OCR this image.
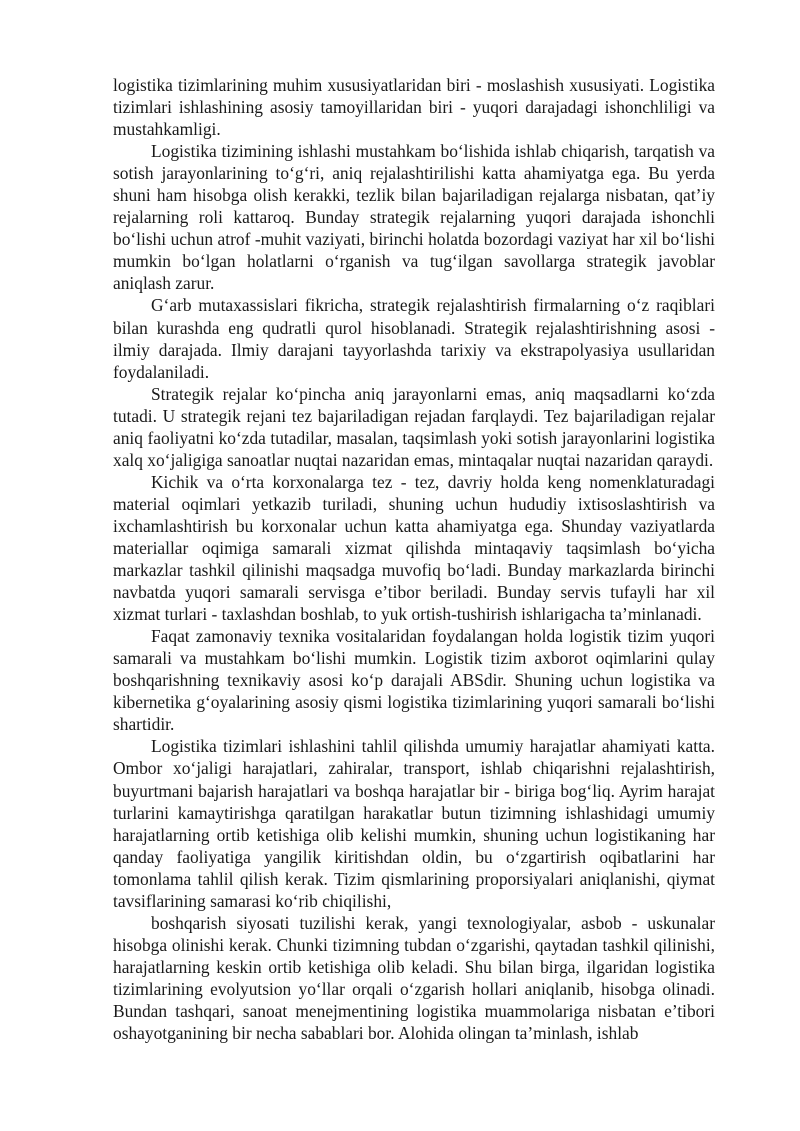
logistika tizimlarining muhim xususiyatlaridan biri - moslashish xususiyati. Logistika tizimlari ishlashining asosiy tamoyillaridan biri - yuqori darajadagi ishonchliligi va mustahkamligi.

Logistika tizimining ishlashi mustahkam bo‘lishida ishlab chiqarish, tarqatish va sotish jarayonlarining to‘g‘ri, aniq rejalashtirilishi katta ahamiyatga ega. Bu yerda shuni ham hisobga olish kerakki, tezlik bilan bajariladigan rejalarga nisbatan, qat’iy rejalarning roli kattaroq. Bunday strategik rejalarning yuqori darajada ishonchli bo‘lishi uchun atrof -muhit vaziyati, birinchi holatda bozordagi vaziyat har xil bo‘lishi mumkin bo‘lgan holatlarni o‘rganish va tug‘ilgan savollarga strategik javoblar aniqlash zarur.

G‘arb mutaxassislari fikricha, strategik rejalashtirish firmalarning o‘z raqiblari bilan kurashda eng qudratli qurol hisoblanadi. Strategik rejalashtirishning asosi - ilmiy darajada. Ilmiy darajani tayyorlashda tarixiy va ekstrapolyasiya usullaridan foydalaniladi.

Strategik rejalar ko‘pincha aniq jarayonlarni emas, aniq maqsadlarni ko‘zda tutadi. U strategik rejani tez bajariladigan rejadan farqlaydi. Tez bajariladigan rejalar aniq faoliyatni ko‘zda tutadilar, masalan, taqsimlash yoki sotish jarayonlarini logistika xalq xo‘jaligiga sanoatlar nuqtai nazaridan emas, mintaqalar nuqtai nazaridan qaraydi.

Kichik va o‘rta korxonalarga tez - tez, davriy holda keng nomenklaturadagi material oqimlari yetkazib turiladi, shuning uchun hududiy ixtisoslashtirish va ixchamlashtirish bu korxonalar uchun katta ahamiyatga ega. Shunday vaziyatlarda materiallar oqimiga samarali xizmat qilishda mintaqaviy taqsimlash bo‘yicha markazlar tashkil qilinishi maqsadga muvofiq bo‘ladi. Bunday markazlarda birinchi navbatda yuqori samarali servisga e’tibor beriladi. Bunday servis tufayli har xil xizmat turlari - taxlashdan boshlab, to yuk ortish-tushirish ishlarigacha ta’minlanadi.

Faqat zamonaviy texnika vositalaridan foydalangan holda logistik tizim yuqori samarali va mustahkam bo‘lishi mumkin. Logistik tizim axborot oqimlarini qulay boshqarishning texnikaviy asosi ko‘p darajali ABSdir. Shuning uchun logistika va kibernetika g‘oyalarining asosiy qismi logistika tizimlarining yuqori samarali bo‘lishi shartidir.

Logistika tizimlari ishlashini tahlil qilishda umumiy harajatlar ahamiyati katta. Ombor xo‘jaligi harajatlari, zahiralar, transport, ishlab chiqarishni rejalashtirish, buyurtmani bajarish harajatlari va boshqa harajatlar bir - biriga bog‘liq. Ayrim harajat turlarini kamaytirishga qaratilgan harakatlar butun tizimning ishlashidagi umumiy harajatlarning ortib ketishiga olib kelishi mumkin, shuning uchun logistikaning har qanday faoliyatiga yangilik kiritishdan oldin, bu o‘zgartirish oqibatlarini har tomonlama tahlil qilish kerak. Tizim qismlarining proporsiyalari aniqlanishi, qiymat tavsiflarining samarasi ko‘rib chiqilishi,

boshqarish siyosati tuzilishi kerak, yangi texnologiyalar, asbob - uskunalar hisobga olinishi kerak. Chunki tizimning tubdan o‘zgarishi, qaytadan tashkil qilinishi, harajatlarning keskin ortib ketishiga olib keladi. Shu bilan birga, ilgaridan logistika tizimlarining evolyutsion yo‘llar orqali o‘zgarish hollari aniqlanib, hisobga olinadi. Bundan tashqari, sanoat menejmentining logistika muammolariga nisbatan e’tibori oshayotganining bir necha sabablari bor. Alohida olingan ta’minlash, ishlab
